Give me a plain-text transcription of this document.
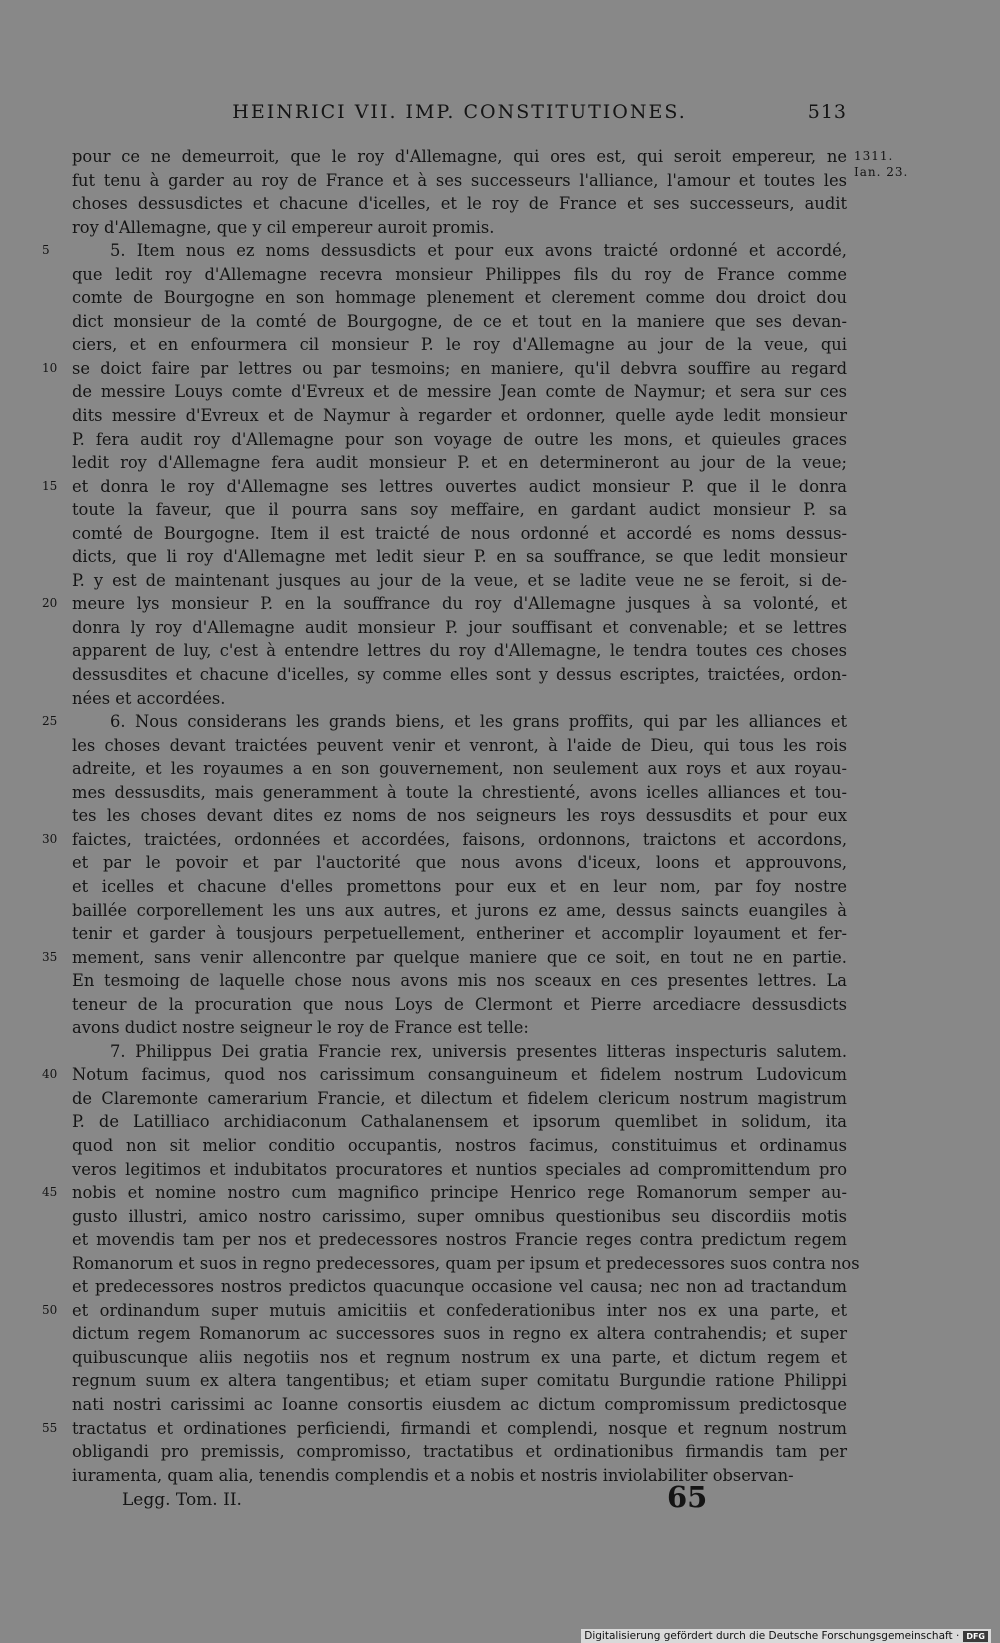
HEINRICI VII. IMP. CONSTITUTIONES.	513
1311.
Ian. 23.
pour ce ne demeurroit, que le roy d'Allemagne, qui ores est, qui seroit empereur, ne
fut tenu à garder au roy de France et à ses successeurs l'alliance, l'amour et toutes les
choses dessusdictes et chacune d'icelles, et le roy de France et ses successeurs, audit
roy d'Allemagne, que y cil empereur auroit promis.
5	5. Item nous ez noms dessusdicts et pour eux avons traicté ordonné et accordé,
que ledit roy d'Allemagne recevra monsieur Philippes fils du roy de France comme
comte de Bourgogne en son hommage plenement et clerement comme dou droict dou
dict monsieur de la comté de Bourgogne, de ce et tout en la maniere que ses devan-
ciers, et en enfourmera cil monsieur P. le roy d'Allemagne au jour de la veue, qui
10 se doict faire par lettres ou par tesmoins; en maniere, qu'il debvra souffire au regard
de messire Louys comte d'Evreux et de messire Jean comte de Naymur; et sera sur ces
dits messire d'Evreux et de Naymur à regarder et ordonner, quelle ayde ledit monsieur
P. fera audit roy d'Allemagne pour son voyage de outre les mons, et quieules graces
ledit roy d'Allemagne fera audit monsieur P. et en determineront au jour de la veue;
15 et donra le roy d'Allemagne ses lettres ouvertes audict monsieur P. que il le donra
toute la faveur, que il pourra sans soy meffaire, en gardant audict monsieur P. sa
comté de Bourgogne. Item il est traicté de nous ordonné et accordé es noms dessus-
dicts, que li roy d'Allemagne met ledit sieur P. en sa souffrance, se que ledit monsieur
P. y est de maintenant jusques au jour de la veue, et se ladite veue ne se feroit, si de-
20 meure lys monsieur P. en la souffrance du roy d'Allemagne jusques à sa volonté, et
donra ly roy d'Allemagne audit monsieur P. jour souffisant et convenable; et se lettres
apparent de luy, c'est à entendre lettres du roy d'Allemagne, le tendra toutes ces choses
dessusdites et chacune d'icelles, sy comme elles sont y dessus escriptes, traictées, ordon-
nées et accordées.
25	6. Nous considerans les grands biens, et les grans proffits, qui par les alliances et
les choses devant traictées peuvent venir et venront, à l'aide de Dieu, qui tous les rois
adreite, et les royaumes a en son gouvernement, non seulement aux roys et aux royau-
mes dessusdits, mais generamment à toute la chrestienté, avons icelles alliances et tou-
tes les choses devant dites ez noms de nos seigneurs les roys dessusdits et pour eux
30 faictes, traictées, ordonnées et accordées, faisons, ordonnons, traictons et accordons,
et par le povoir et par l'auctorité que nous avons d'iceux, loons et approuvons,
et icelles et chacune d'elles promettons pour eux et en leur nom, par foy nostre
baillée corporellement les uns aux autres, et jurons ez ame, dessus saincts euangiles à
tenir et garder à tousjours perpetuellement, entheriner et accomplir loyaument et fer-
35 mement, sans venir allencontre par quelque maniere que ce soit, en tout ne en partie.
En tesmoing de laquelle chose nous avons mis nos sceaux en ces presentes lettres. La
teneur de la procuration que nous Loys de Clermont et Pierre arcediacre dessusdicts
avons dudict nostre seigneur le roy de France est telle:
7. Philippus Dei gratia Francie rex, universis presentes litteras inspecturis salutem.
40 Notum facimus, quod nos carissimum consanguineum et fidelem nostrum Ludovicum
de Claremonte camerarium Francie, et dilectum et fidelem clericum nostrum magistrum
P. de Latilliaco archidiaconum Cathalanensem et ipsorum quemlibet in solidum, ita
quod non sit melior conditio occupantis, nostros facimus, constituimus et ordinamus
veros legitimos et indubitatos procuratores et nuntios speciales ad compromittendum pro
45 nobis et nomine nostro cum magnifico principe Henrico rege Romanorum semper au-
gusto illustri, amico nostro carissimo, super omnibus questionibus seu discordiis motis
et movendis tam per nos et predecessores nostros Francie reges contra predictum regem
Romanorum et suos in regno predecessores, quam per ipsum et predecessores suos contra nos
et predecessores nostros predictos quacunque occasione vel causa; nec non ad tractandum
50 et ordinandum super mutuis amicitiis et confederationibus inter nos ex una parte, et
dictum regem Romanorum ac successores suos in regno ex altera contrahendis; et super
quibuscunque aliis negotiis nos et regnum nostrum ex una parte, et dictum regem et
regnum suum ex altera tangentibus; et etiam super comitatu Burgundie ratione Philippi
nati nostri carissimi ac Ioanne consortis eiusdem ac dictum compromissum predictosque
55 tractatus et ordinationes perficiendi, firmandi et complendi, nosque et regnum nostrum
obligandi pro premissis, compromisso, tractatibus et ordinationibus firmandis tam per
iuramenta, quam alia, tenendis complendis et a nobis et nostris inviolabiliter observan-
Legg. Tom. II.	65
Digitalisierung gefördert durch die Deutsche Forschungsgemeinschaft · DFG
